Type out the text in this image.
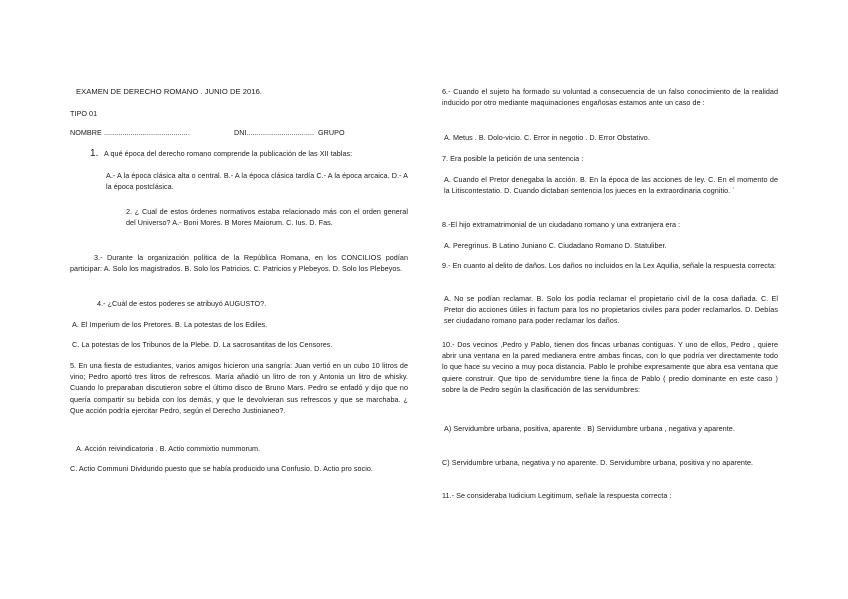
EXAMEN DE DERECHO ROMANO . JUNIO DE 2016.
TIPO 01
NOMBRE ..........................................	DNI................................. GRUPO
1. A qué época del derecho romano comprende la publicación de las XII tablas:
A.- A la época clásica alta o central. B.- A la época clásica tardía C.- A la época arcaica. D.- A la época postclásica.
2. ¿ Cual de estos órdenes normativos estaba relacionado más con el orden general del Universo? A.- Boni Mores. B Mores Maiorum. C. Ius. D. Fas.
3.- Durante la organización política de la República Romana, en los CONCILIOS podían participar: A. Solo los magistrados. B. Solo los Patricios. C. Patricios y Plebeyos. D. Solo los Plebeyos.
4.- ¿Cuál de estos poderes se atribuyó AUGUSTO?.
A. El Imperium de los Pretores. B. La potestas de los Ediles.
C. La potestas de los Tribunos de la Plebe. D. La sacrosantitas de los Censores.
5. En una fiesta de estudiantes, varios amigos hicieron una sangría: Juan vertió en un cubo 10 litros de vino; Pedro aportó tres litros de refrescos. María añadió un litro de ron y Antonia un litro de whisky. Cuando lo preparaban discutieron sobre el último disco de Bruno Mars. Pedro se enfadó y dijo que no quería compartir su bebida con los demás, y que le devolvieran sus refrescos y que se marchaba. ¿ Que acción podría ejercitar Pedro, según el Derecho Justinianeo?.
A. Acción reivindicatoria . B. Actio commixtio nummorum.
C. Actio Communi Dividundo puesto que se había producido una Confusio. D. Actio pro socio.
6.- Cuando el sujeto ha formado su voluntad a consecuencia de un falso conocimiento de la realidad inducido por otro mediante maquinaciones engañosas estamos ante un caso de :
A. Metus . B. Dolo-vicio. C. Error in negotio . D. Error Obstativo.
7. Era posible la petición de una sentencia :
A. Cuando el Pretor denegaba la acción. B. En la época de las acciones de ley. C. En el momento de la Litiscontestatio. D. Cuando dictaban sentencia los jueces en la extraordinaria cognitio. ´
8.-El hijo extramatrimonial de un ciudadano romano y una extranjera era :
A. Peregrinus. B Latino Juniano C. Ciudadano Romano D. Statuliber.
9.- En cuanto al delito de daños. Los daños no incluidos en la Lex Aquilia, señale la respuesta correcta:
A. No se podían reclamar. B. Solo los podía reclamar el propietario civil de la cosa dañada. C. El Pretor dio acciones útiles in factum para los no propietarios civiles para poder reclamarlos. D. Debías ser ciudadano romano para poder reclamar los daños.
10.- Dos vecinos ,Pedro y Pablo, tienen dos fincas urbanas contiguas. Y uno de ellos, Pedro , quiere abrir una ventana en la pared medianera entre ambas fincas, con lo que podría ver directamente todo lo que hace su vecino a muy poca distancia. Pablo le prohibe expresamente que abra esa ventana que quiere construir. Que tipo de servidumbre tiene la finca de Pablo ( predio dominante en este caso ) sobre la de Pedro según la clasificación de las servidumbres:
A) Servidumbre urbana, positiva, aparente . B) Servidumbre urbana , negativa y aparente.
C) Servidumbre urbana, negativa y no aparente. D. Servidumbre urbana, positiva y no aparente.
11.- Se consideraba Iudicium Legitimum, señale la respuesta correcta :
